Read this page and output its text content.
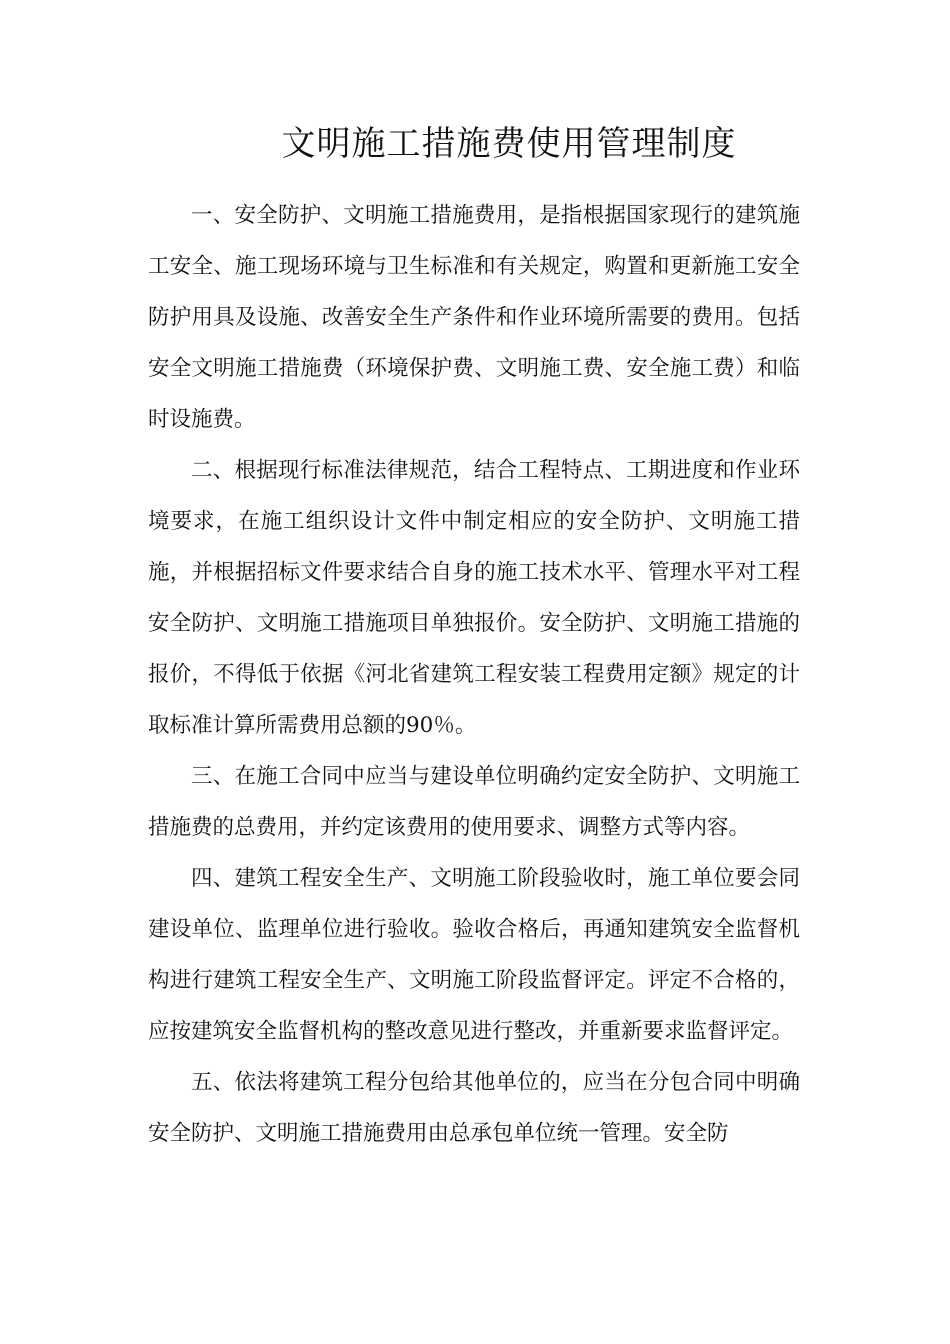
文明施工措施费使用管理制度

一、安全防护、文明施工措施费用，是指根据国家现行的建筑施工安全、施工现场环境与卫生标准和有关规定，购置和更新施工安全防护用具及设施、改善安全生产条件和作业环境所需要的费用。包括安全文明施工措施费（环境保护费、文明施工费、安全施工费）和临时设施费。

二、根据现行标准法律规范，结合工程特点、工期进度和作业环境要求，在施工组织设计文件中制定相应的安全防护、文明施工措施，并根据招标文件要求结合自身的施工技术水平、管理水平对工程安全防护、文明施工措施项目单独报价。安全防护、文明施工措施的报价，不得低于依据《河北省建筑工程安装工程费用定额》规定的计取标准计算所需费用总额的90％。

三、在施工合同中应当与建设单位明确约定安全防护、文明施工措施费的总费用，并约定该费用的使用要求、调整方式等内容。

四、建筑工程安全生产、文明施工阶段验收时，施工单位要会同建设单位、监理单位进行验收。验收合格后，再通知建筑安全监督机构进行建筑工程安全生产、文明施工阶段监督评定。评定不合格的，应按建筑安全监督机构的整改意见进行整改，并重新要求监督评定。

五、依法将建筑工程分包给其他单位的，应当在分包合同中明确安全防护、文明施工措施费用由总承包单位统一管理。安全防
